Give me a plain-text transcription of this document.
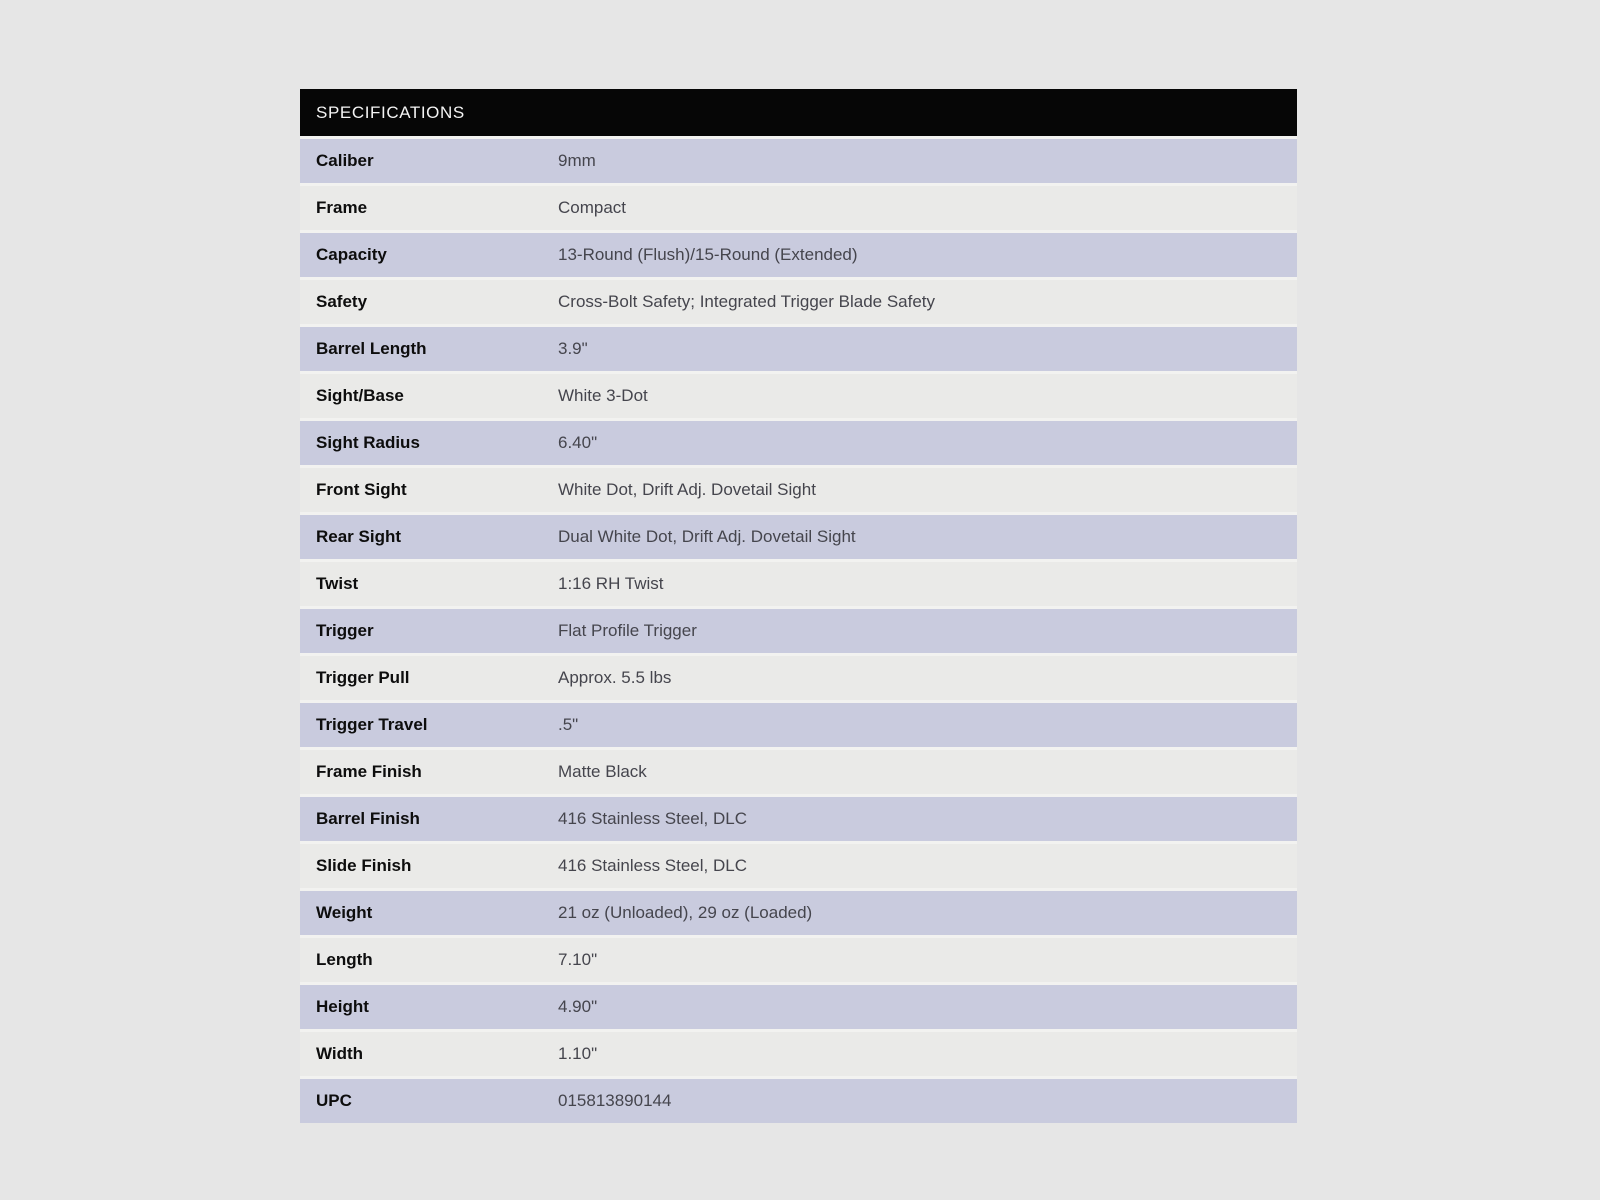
SPECIFICATIONS
Caliber	9mm
Frame	Compact
Capacity	13-Round (Flush)/15-Round (Extended)
Safety	Cross-Bolt Safety; Integrated Trigger Blade Safety
Barrel Length	3.9"
Sight/Base	White 3-Dot
Sight Radius	6.40"
Front Sight	White Dot, Drift Adj. Dovetail Sight
Rear Sight	Dual White Dot, Drift Adj. Dovetail Sight
Twist	1:16 RH Twist
Trigger	Flat Profile Trigger
Trigger Pull	Approx. 5.5 lbs
Trigger Travel	.5"
Frame Finish	Matte Black
Barrel Finish	416 Stainless Steel, DLC
Slide Finish	416 Stainless Steel, DLC
Weight	21 oz (Unloaded), 29 oz (Loaded)
Length	7.10"
Height	4.90"
Width	1.10"
UPC	015813890144
